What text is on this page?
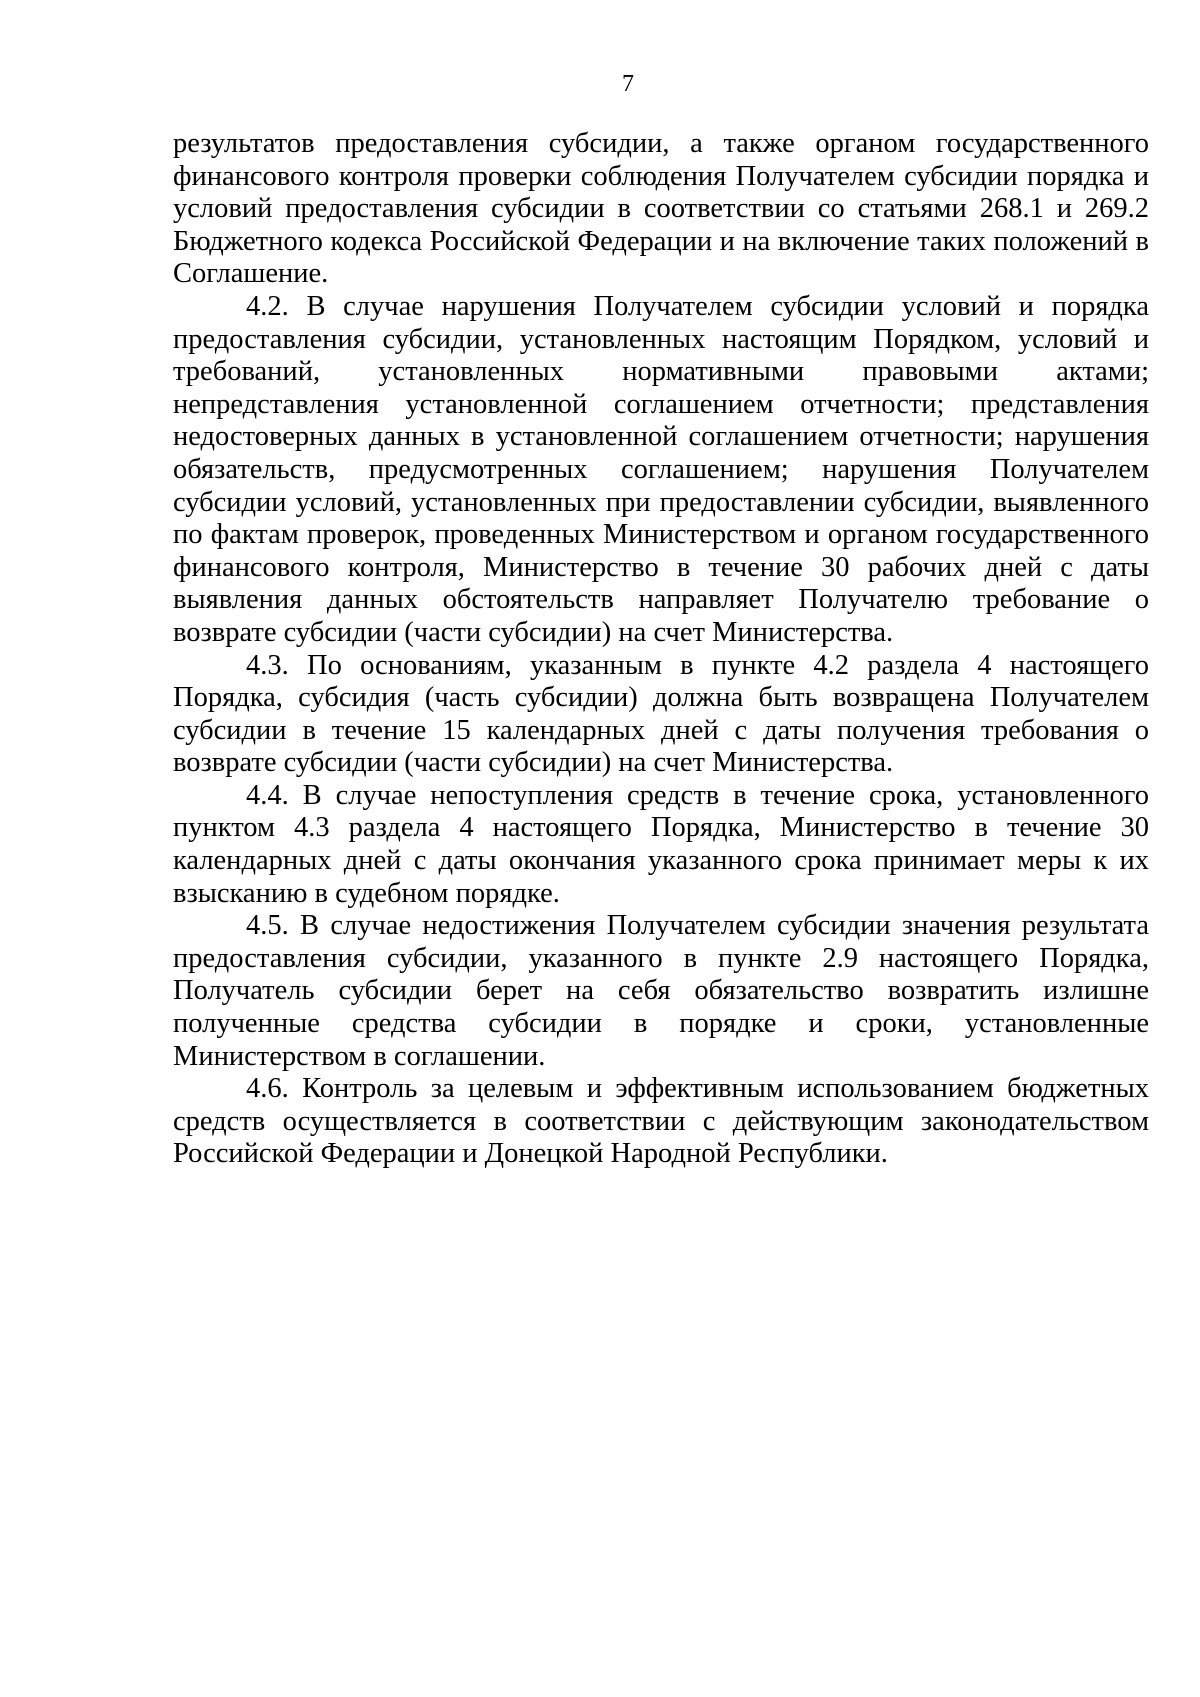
7

результатов предоставления субсидии, а также органом государственного финансового контроля проверки соблюдения Получателем субсидии порядка и условий предоставления субсидии в соответствии со статьями 268.1 и 269.2 Бюджетного кодекса Российской Федерации и на включение таких положений в Соглашение.

4.2. В случае нарушения Получателем субсидии условий и порядка предоставления субсидии, установленных настоящим Порядком, условий и требований, установленных нормативными правовыми актами; непредставления установленной соглашением отчетности; представления недостоверных данных в установленной соглашением отчетности; нарушения обязательств, предусмотренных соглашением; нарушения Получателем субсидии условий, установленных при предоставлении субсидии, выявленного по фактам проверок, проведенных Министерством и органом государственного финансового контроля, Министерство в течение 30 рабочих дней с даты выявления данных обстоятельств направляет Получателю требование о возврате субсидии (части субсидии) на счет Министерства.

4.3. По основаниям, указанным в пункте 4.2 раздела 4 настоящего Порядка, субсидия (часть субсидии) должна быть возвращена Получателем субсидии в течение 15 календарных дней с даты получения требования о возврате субсидии (части субсидии) на счет Министерства.

4.4. В случае непоступления средств в течение срока, установленного пунктом 4.3 раздела 4 настоящего Порядка, Министерство в течение 30 календарных дней с даты окончания указанного срока принимает меры к их взысканию в судебном порядке.

4.5. В случае недостижения Получателем субсидии значения результата предоставления субсидии, указанного в пункте 2.9 настоящего Порядка, Получатель субсидии берет на себя обязательство возвратить излишне полученные средства субсидии в порядке и сроки, установленные Министерством в соглашении.

4.6. Контроль за целевым и эффективным использованием бюджетных средств осуществляется в соответствии с действующим законодательством Российской Федерации и Донецкой Народной Республики.
